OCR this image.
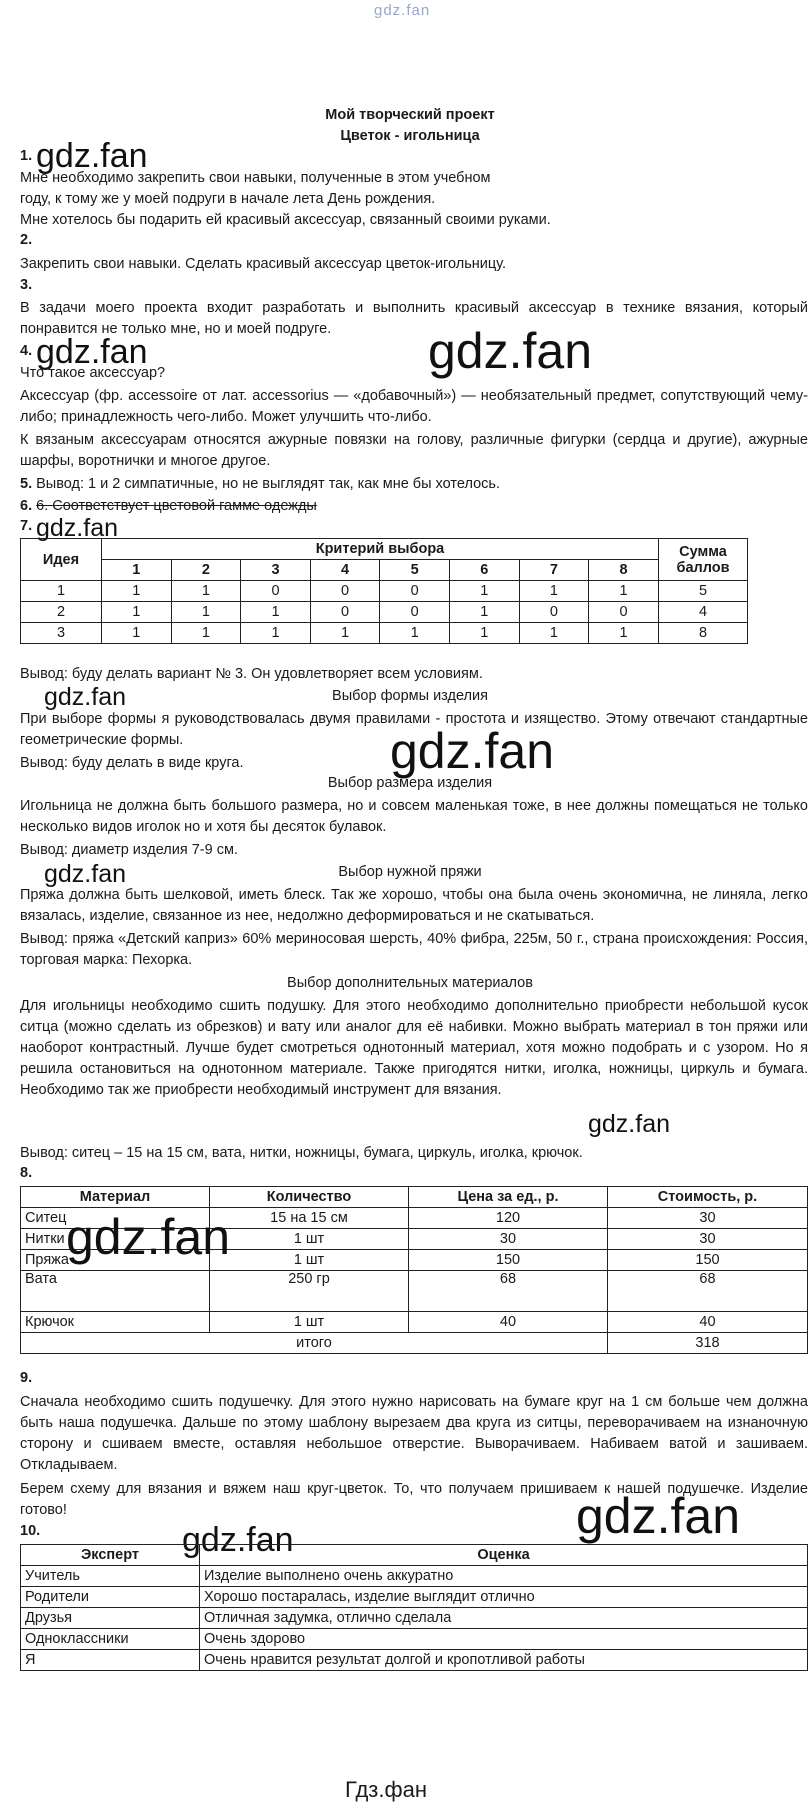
gdz.fan
Мой творческий проект
Цветок - игольница
1. gdz.fan
Мне необходимо закрепить свои навыки, полученные в этом учебном
году, к тому же у моей подруги в начале лета День рождения.
Мне хотелось бы подарить ей красивый аксессуар, связанный своими руками.
2.
Закрепить свои навыки. Сделать красивый аксессуар цветок-игольницу.
3.
В задачи моего проекта входит разработать и выполнить красивый аксессуар в технике вязания, который понравится не только мне, но и моей подруге.
4. gdz.fan	gdz.fan
Что такое аксессуар?
Аксессуар (фр. accessoire от лат. accessorius — «добавочный») — необязательный предмет, сопутствующий чему-либо; принадлежность чего-либо. Может улучшить что-либо.
К вязаным аксессуарам относятся ажурные повязки на голову, различные фигурки (сердца и другие), ажурные шарфы, воротнички и многое другое.
5. Вывод: 1 и 2 симпатичные, но не выглядят так, как мне бы хотелось.
6. 6. Соответствует цветовой гамме одежды
7. gdz.fan
Идея	Критерий выбора								Сумма баллов
	1	2	3	4	5	6	7	8	
1	1	1	0	0	0	1	1	1	5
2	1	1	1	0	0	1	0	0	4
3	1	1	1	1	1	1	1	1	8
Вывод: буду делать вариант № 3. Он удовлетворяет всем условиям.
gdz.fan	Выбор формы изделия
При выборе формы я руководствовалась двумя правилами - простота и изящество. Этому отвечают стандартные геометрические формы.	gdz.fan
Вывод: буду делать в виде круга.
Выбор размера изделия
Игольница не должна быть большого размера, но и совсем маленькая тоже, в нее должны помещаться не только несколько видов иголок но и хотя бы десяток булавок.
Вывод: диаметр изделия 7-9 см.
gdz.fan	Выбор нужной пряжи
Пряжа должна быть шелковой, иметь блеск. Так же хорошо, чтобы она была очень экономична, не линяла, легко вязалась, изделие, связанное из нее, недолжно деформироваться и не скатываться.
Вывод: пряжа «Детский каприз» 60% мериносовая шерсть, 40% фибра, 225м, 50 г., страна происхождения: Россия, торговая марка: Пехорка.
Выбор дополнительных материалов
Для игольницы необходимо сшить подушку. Для этого необходимо дополнительно приобрести небольшой кусок ситца (можно сделать из обрезков) и вату или аналог для её набивки. Можно выбрать материал в тон пряжи или наоборот контрастный. Лучше будет смотреться однотонный материал, хотя можно подобрать и с узором. Но я решила остановиться на однотонном материале. Также пригодятся нитки, иголка, ножницы, циркуль и бумага. Необходимо так же приобрести необходимый инструмент для вязания.
gdz.fan
Вывод: ситец – 15 на 15 см, вата, нитки, ножницы, бумага, циркуль, иголка, крючок.
8.
Материал	Количество	Цена за ед., р.	Стоимость, р.
Ситец	15 на 15 см	120	30
Нитки	1 шт	30	30
Пряжа	1 шт	150	150
Вата	250 гр	68	68
Крючок	1 шт	40	40
итого			318
gdz.fan
9.
Сначала необходимо сшить подушечку. Для этого нужно нарисовать на бумаге круг на 1 см больше чем должна быть наша подушечка. Дальше по этому шаблону вырезаем два круга из ситцы, переворачиваем на изнаночную сторону и сшиваем вместе, оставляя небольшое отверстие. Выворачиваем. Набиваем ватой и зашиваем. Откладываем.
Берем схему для вязания и вяжем наш круг-цветок. То, что получаем пришиваем к нашей подушечке. Изделие готово!	gdz.fan
10.	gdz.fan
Эксперт	Оценка
Учитель	Изделие выполнено очень аккуратно
Родители	Хорошо постаралась, изделие выглядит отлично
Друзья	Отличная задумка, отлично сделала
Одноклассники	Очень здорово
Я	Очень нравится результат долгой и кропотливой работы
Гдз.фан
